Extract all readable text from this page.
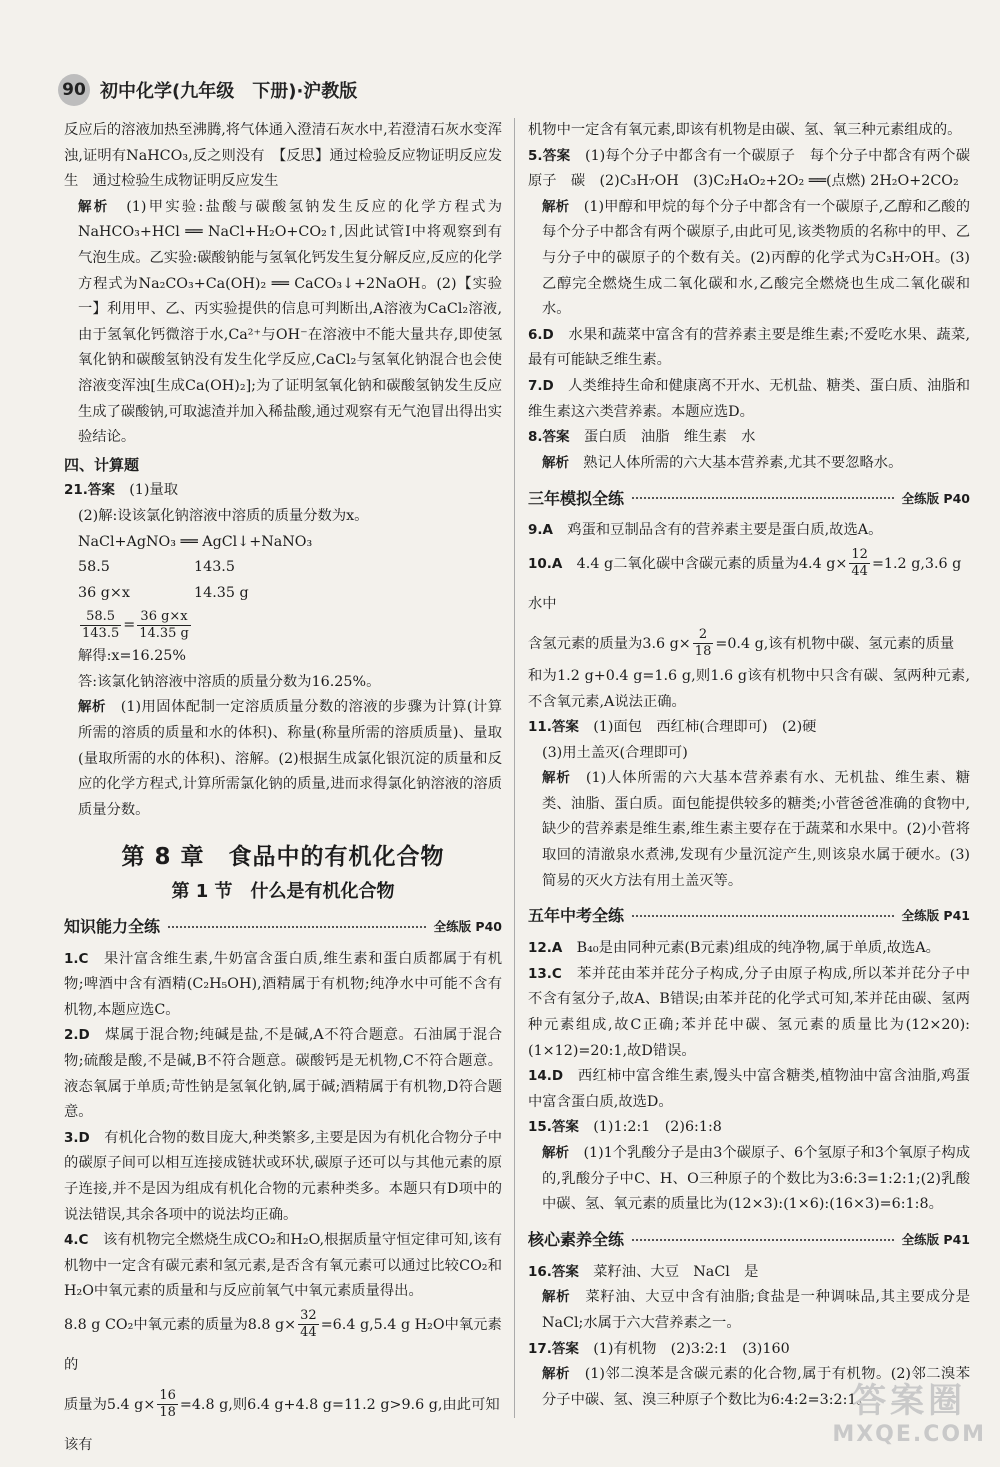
90 初中化学(九年级　下册)·沪教版
反应后的溶液加热至沸腾,将气体通入澄清石灰水中,若澄清石灰水变浑浊,证明有NaHCO₃,反之则没有　【反思】通过检验反应物证明反应发生　通过检验生成物证明反应发生
解析　 (1)甲实验:盐酸与碳酸氢钠发生反应的化学方程式为NaHCO₃+HCl ══ NaCl+H₂O+CO₂↑,因此试管Ⅰ中将观察到有气泡生成。乙实验:碳酸钠能与氢氧化钙发生复分解反应,反应的化学方程式为Na₂CO₃+Ca(OH)₂ ══ CaCO₃↓+2NaOH。(2)【实验一】利用甲、乙、丙实验提供的信息可判断出,A溶液为CaCl₂溶液,由于氢氧化钙微溶于水,Ca²⁺与OH⁻在溶液中不能大量共存,即使氢氧化钠和碳酸氢钠没有发生化学反应,CaCl₂与氢氧化钠混合也会使溶液变浑浊[生成Ca(OH)₂];为了证明氢氧化钠和碳酸氢钠发生反应生成了碳酸钠,可取滤渣并加入稀盐酸,通过观察有无气泡冒出得出实验结论。
四、计算题
21.答案　 (1)量取
(2)解:设该氯化钠溶液中溶质的质量分数为x。
NaCl+AgNO₃ ══ AgCl↓+NaNO₃
58.5	143.5
36 g×x	14.35 g
$\frac{58.5}{143.5} = \frac{36 g\times x}{14.35 g}$
解得:x=16.25%
答:该氯化钠溶液中溶质的质量分数为16.25%。
解析　 (1)用固体配制一定溶质质量分数的溶液的步骤为计算(计算所需的溶质的质量和水的体积)、称量(称量所需的溶质质量)、量取(量取所需的水的体积)、溶解。(2)根据生成氯化银沉淀的质量和反应的化学方程式,计算所需氯化钠的质量,进而求得氯化钠溶液的溶质质量分数。
第 8 章　食品中的有机化合物
第 1 节　什么是有机化合物
知识能力全练	全练版 P40
1.C　 果汁富含维生素,牛奶富含蛋白质,维生素和蛋白质都属于有机物;啤酒中含有酒精(C₂H₅OH),酒精属于有机物;纯净水中可能不含有机物,本题应选C。
2.D　 煤属于混合物;纯碱是盐,不是碱,A不符合题意。石油属于混合物;硫酸是酸,不是碱,B不符合题意。碳酸钙是无机物,C不符合题意。液态氧属于单质;苛性钠是氢氧化钠,属于碱;酒精属于有机物,D符合题意。
3.D　 有机化合物的数目庞大,种类繁多,主要是因为有机化合物分子中的碳原子间可以相互连接成链状或环状,碳原子还可以与其他元素的原子连接,并不是因为组成有机化合物的元素种类多。本题只有D项中的说法错误,其余各项中的说法均正确。
4.C　 该有机物完全燃烧生成CO₂和H₂O,根据质量守恒定律可知,该有机物中一定含有碳元素和氢元素,是否含有氧元素可以通过比较CO₂和H₂O中氧元素的质量和与反应前氧气中氧元素质量得出。
8.8 g CO₂中氧元素的质量为8.8 $g\times \frac{32}{44} =6.4$ g,5.4 g H₂O中氧元素的
质量为5.4 $g\times \frac{16}{18} =4.8$ g,则6.4 g+4.8 g=11.2 g>9.6 g,由此可知该有
机物中一定含有氧元素,即该有机物是由碳、氢、氧三种元素组成的。
5.答案　 (1)每个分子中都含有一个碳原子　每个分子中都含有两个碳原子　碳　(2)C₃H₇OH　(3)C₂H₄O₂+2O₂ ══(点燃) 2H₂O+2CO₂
解析　 (1)甲醇和甲烷的每个分子中都含有一个碳原子,乙醇和乙酸的每个分子中都含有两个碳原子,由此可见,该类物质的名称中的甲、乙与分子中的碳原子的个数有关。(2)丙醇的化学式为C₃H₇OH。(3)乙醇完全燃烧生成二氧化碳和水,乙酸完全燃烧也生成二氧化碳和水。
6.D　 水果和蔬菜中富含有的营养素主要是维生素;不爱吃水果、蔬菜,最有可能缺乏维生素。
7.D　 人类维持生命和健康离不开水、无机盐、糖类、蛋白质、油脂和维生素这六类营养素。本题应选D。
8.答案　 蛋白质　油脂　维生素　水
解析　 熟记人体所需的六大基本营养素,尤其不要忽略水。
三年模拟全练	全练版 P40
9.A　 鸡蛋和豆制品含有的营养素主要是蛋白质,故选A。
10.A　 4.4 g二氧化碳中含碳元素的质量为4.4 $g\times \frac{12}{44} =1.2$ g,3.6 g水中
含氢元素的质量为3.6 $g\times \frac{2}{18} =0.4$ g,该有机物中碳、氢元素的质量
和为1.2 g+0.4 g=1.6 g,则1.6 g该有机物中只含有碳、氢两种元素,不含氧元素,A说法正确。
11.答案　 (1)面包　西红柿(合理即可)　(2)硬
(3)用土盖灭(合理即可)
解析　 (1)人体所需的六大基本营养素有水、无机盐、维生素、糖类、油脂、蛋白质。面包能提供较多的糖类;小菅爸爸准确的食物中,缺少的营养素是维生素,维生素主要存在于蔬菜和水果中。(2)小菅将取回的清澈泉水煮沸,发现有少量沉淀产生,则该泉水属于硬水。(3)简易的灭火方法有用土盖灭等。
五年中考全练	全练版 P41
12.A　 B₄₀是由同种元素(B元素)组成的纯净物,属于单质,故选A。
13.C　 苯并芘由苯并芘分子构成,分子由原子构成,所以苯并芘分子中不含有氢分子,故A、B错误;由苯并芘的化学式可知,苯并芘由碳、氢两种元素组成,故C正确;苯并芘中碳、氢元素的质量比为(12×20):(1×12)=20:1,故D错误。
14.D　 西红柿中富含维生素,馒头中富含糖类,植物油中富含油脂,鸡蛋中富含蛋白质,故选D。
15.答案　 (1)1:2:1　(2)6:1:8
解析　 (1)1个乳酸分子是由3个碳原子、6个氢原子和3个氧原子构成的,乳酸分子中C、H、O三种原子的个数比为3:6:3=1:2:1;(2)乳酸中碳、氢、氧元素的质量比为(12×3):(1×6):(16×3)=6:1:8。
核心素养全练	全练版 P41
16.答案　 菜籽油、大豆　NaCl　是
解析　 菜籽油、大豆中含有油脂;食盐是一种调味品,其主要成分是NaCl;水属于六大营养素之一。
17.答案　 (1)有机物　(2)3:2:1　(3)160
解析　 (1)邻二溴苯是含碳元素的化合物,属于有机物。(2)邻二溴苯分子中碳、氢、溴三种原子个数比为6:4:2=3:2:1。
答案圈
MXQE.COM
